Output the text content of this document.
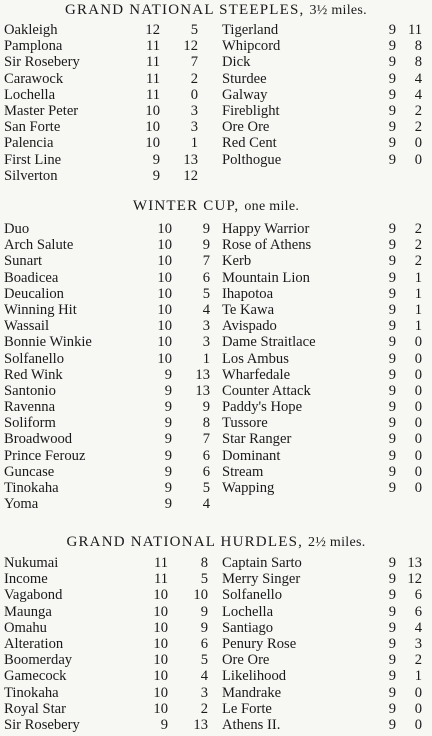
GRAND NATIONAL STEEPLES, 3½ miles.
Oakleigh	12	5 Tigerland	9 11
Pamplona	11	12 Whipcord	9	8
Sir Rosebery	11	7 Dick	9	8
Carawock	11	2 Sturdee	9	4
Lochella	11	0 Galway	9	4
Master Peter	10	3 Fireblight	9	2
San Forte	10	3 Ore Ore	9	2
Palencia	10	1 Red Cent	9	0
First Line	9	13 Polthogue	9	0
Silverton	9	12
WINTER CUP, one mile.
Duo	10	9 Happy Warrior	9	2
Arch Salute	10	9 Rose of Athens	9	2
Sunart	10	7 Kerb	9	2
Boadicea	10	6 Mountain Lion	9	1
Deucalion	10	5 Ihapotoa	9	1
Winning Hit	10	4 Te Kawa	9	1
Wassail	10	3 Avispado	9	1
Bonnie Winkie	10	3 Dame Straitlace	9	0
Solfanello	10	1 Los Ambus	9	0
Red Wink	9	13 Wharfedale	9	0
Santonio	9	13 Counter Attack	9	0
Ravenna	9	9 Paddy's Hope	9	0
Soliform	9	8 Tussore	9	0
Broadwood	9	7 Star Ranger	9	0
Prince Ferouz	9	6 Dominant	9	0
Guncase	9	6 Stream	9	0
Tinokaha	9	5 Wapping	9	0
Yoma	9	4
GRAND NATIONAL HURDLES, 2½ miles.
Nukumai	11	8 Captain Sarto	9 13
Income	11	5 Merry Singer	9 12
Vagabond	10	10 Solfanello	9	6
Maunga	10	9 Lochella	9	6
Omahu	10	9 Santiago	9	4
Alteration	10	6 Penury Rose	9	3
Boomerday	10	5 Ore Ore	9	2
Gamecock	10	4 Likelihood	9	1
Tinokaha	10	3 Mandrake	9	0
Royal Star	10	2 Le Forte	9	0
Sir Rosebery	9	13 Athens II.	9	0
